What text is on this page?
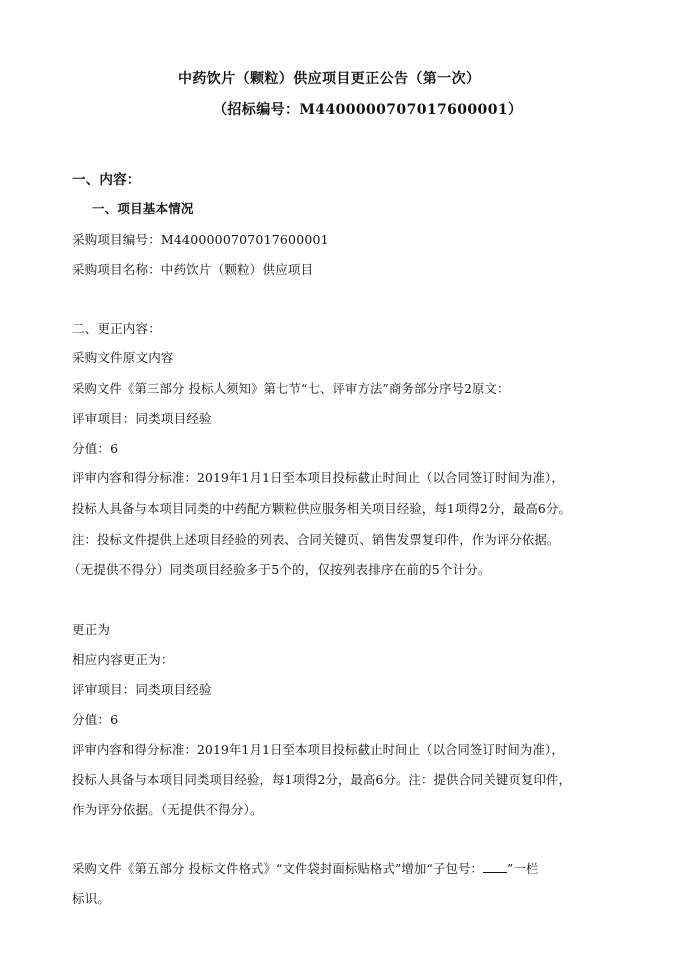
中药饮片（颗粒）供应项目更正公告（第一次）
（招标编号：M4400000707017600001）
一、内容：
一、项目基本情况
采购项目编号：M4400000707017600001
采购项目名称：中药饮片（颗粒）供应项目
二、更正内容：
采购文件原文内容
采购文件《第三部分 投标人须知》第七节“七、评审方法”商务部分序号2原文：
评审项目：同类项目经验
分值：6
评审内容和得分标准：2019年1月1日至本项目投标截止时间止（以合同签订时间为准），
投标人具备与本项目同类的中药配方颗粒供应服务相关项目经验，每1项得2分，最高6分。
注：投标文件提供上述项目经验的列表、合同关键页、销售发票复印件，作为评分依据。
（无提供不得分）同类项目经验多于5个的，仅按列表排序在前的5个计分。
更正为
相应内容更正为：
评审项目：同类项目经验
分值：6
评审内容和得分标准：2019年1月1日至本项目投标截止时间止（以合同签订时间为准），
投标人具备与本项目同类项目经验，每1项得2分，最高6分。注：提供合同关键页复印件，
作为评分依据。（无提供不得分）。
采购文件《第五部分 投标文件格式》“文件袋封面标贴格式”增加“子包号： ”一栏
标识。
